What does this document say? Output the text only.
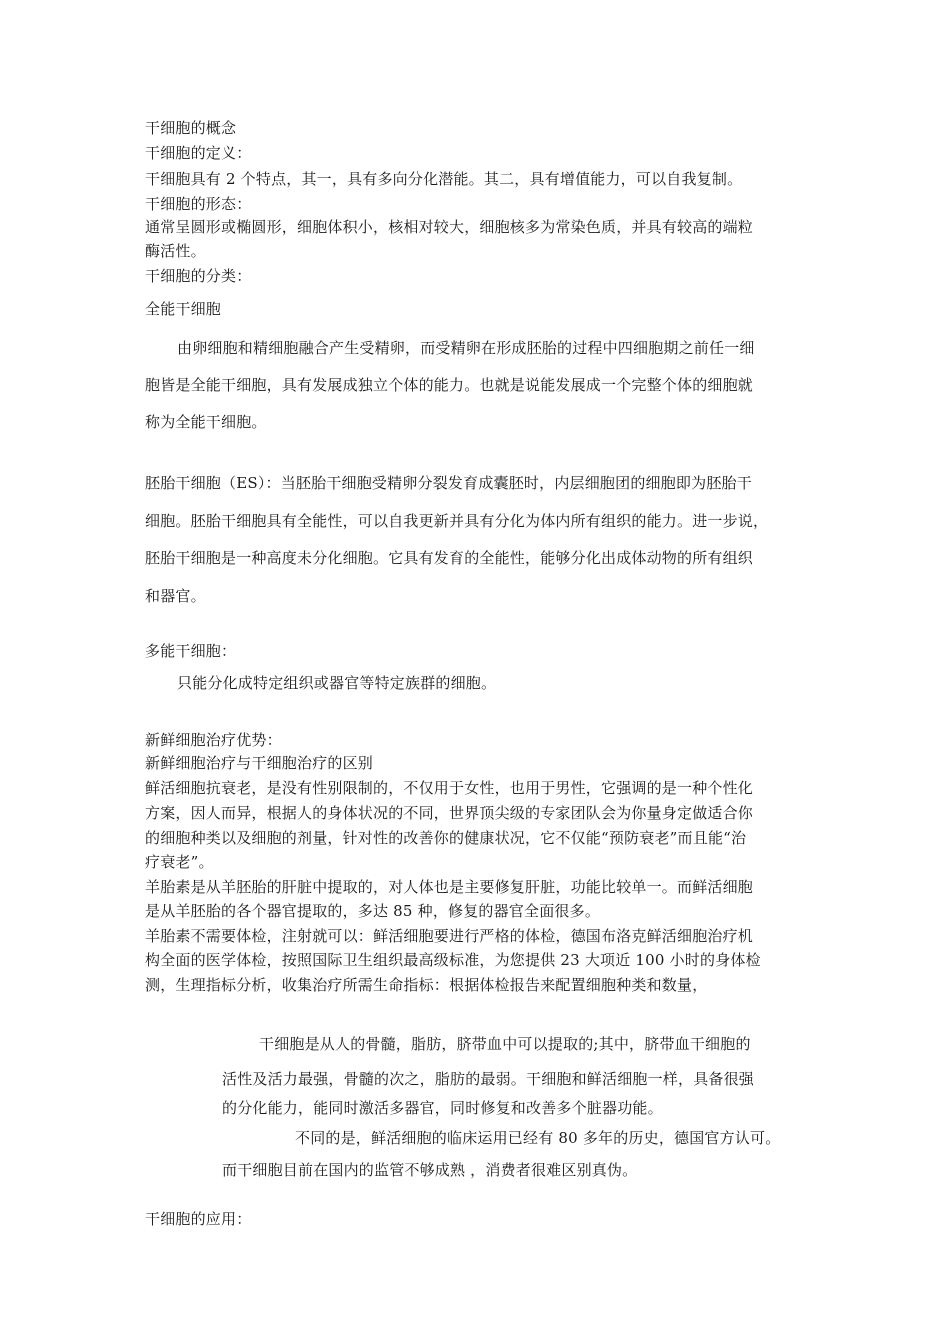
干细胞的概念
干细胞的定义：
干细胞具有 2 个特点，其一，具有多向分化潜能。其二，具有增值能力，可以自我复制。
干细胞的形态：
通常呈圆形或椭圆形，细胞体积小，核相对较大，细胞核多为常染色质，并具有较高的端粒
酶活性。
干细胞的分类：
全能干细胞
由卵细胞和精细胞融合产生受精卵，而受精卵在形成胚胎的过程中四细胞期之前任一细
胞皆是全能干细胞，具有发展成独立个体的能力。也就是说能发展成一个完整个体的细胞就
称为全能干细胞。
胚胎干细胞（ES）：当胚胎干细胞受精卵分裂发育成囊胚时，内层细胞团的细胞即为胚胎干
细胞。胚胎干细胞具有全能性，可以自我更新并具有分化为体内所有组织的能力。进一步说，
胚胎干细胞是一种高度未分化细胞。它具有发育的全能性，能够分化出成体动物的所有组织
和器官。
多能干细胞：
只能分化成特定组织或器官等特定族群的细胞。
新鲜细胞治疗优势：
新鲜细胞治疗与干细胞治疗的区别
鲜活细胞抗衰老，是没有性别限制的，不仅用于女性，也用于男性，它强调的是一种个性化
方案，因人而异，根据人的身体状况的不同，世界顶尖级的专家团队会为你量身定做适合你
的细胞种类以及细胞的剂量，针对性的改善你的健康状况，它不仅能“预防衰老”而且能“治
疗衰老”。
羊胎素是从羊胚胎的肝脏中提取的，对人体也是主要修复肝脏，功能比较单一。而鲜活细胞
是从羊胚胎的各个器官提取的，多达 85 种，修复的器官全面很多。
羊胎素不需要体检，注射就可以：鲜活细胞要进行严格的体检，德国布洛克鲜活细胞治疗机
构全面的医学体检，按照国际卫生组织最高级标准，为您提供 23 大项近 100 小时的身体检
测，生理指标分析，收集治疗所需生命指标：根据体检报告来配置细胞种类和数量，
干细胞是从人的骨髓，脂肪，脐带血中可以提取的;其中，脐带血干细胞的
活性及活力最强，骨髓的次之，脂肪的最弱。干细胞和鲜活细胞一样，具备很强
的分化能力，能同时激活多器官，同时修复和改善多个脏器功能。
不同的是，鲜活细胞的临床运用已经有 80 多年的历史，德国官方认可。
而干细胞目前在国内的监管不够成熟 ，消费者很难区别真伪。
干细胞的应用：
